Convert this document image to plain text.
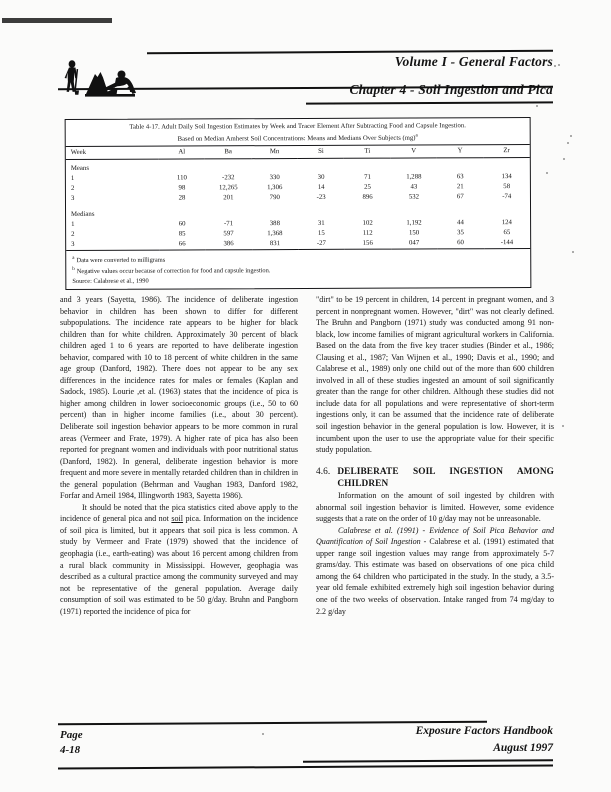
Volume I - General Factors
Chapter 4 - Soil Ingestion and Pica
Table 4-17. Adult Daily Soil Ingestion Estimates by Week and Tracer Element After Subtracting Food and Capsule Ingestion.
Based on Median Amherst Soil Concentrations: Means and Medians Over Subjects (mg)$^a$
Week	Al	Ba	Mn	Si	Ti	V	Y	Zr

Means								
1	110	-232	330	30	71	1,288	63	134
2	98	12,265	1,306	14	25	43	21	58
3	28	201	790	-23	896	532	67	-74

Medians								
1	60	-71	388	31	102	1,192	44	124
2	85	597	1,368	15	112	150	35	65
3	66	386	831	-27	156	047	60	-144
$^a$ Data were converted to milligrams
$^b$ Negative values occur because of correction for food and capsule ingestion.
Source: Calabrese et al., 1990

and 3 years (Sayetta, 1986). The incidence of deliberate ingestion behavior in children has been shown to differ for different subpopulations. The incidence rate appears to be higher for black children than for white children. Approximately 30 percent of black children aged 1 to 6 years are reported to have deliberate ingestion behavior, compared with 10 to 18 percent of white children in the same age group (Danford, 1982). There does not appear to be any sex differences in the incidence rates for males or females (Kaplan and Sadock, 1985). Lourie ,et al. (1963) states that the incidence of pica is higher among children in lower socioeconomic groups (i.e., 50 to 60 percent) than in higher income families (i.e., about 30 percent). Deliberate soil ingestion behavior appears to be more common in rural areas (Vermeer and Frate, 1979). A higher rate of pica has also been reported for pregnant women and individuals with poor nutritional status (Danford, 1982). In general, deliberate ingestion behavior is more frequent and more severe in mentally retarded children than in children in the general population (Behrman and Vaughan 1983, Danford 1982, Forfar and Arneil 1984, Illingworth 1983, Sayetta 1986).

It should be noted that the pica statistics cited above apply to the incidence of general pica and not soil pica. Information on the incidence of soil pica is limited, but it appears that soil pica is less common. A study by Vermeer and Frate (1979) showed that the incidence of geophagia (i.e., earth-eating) was about 16 percent among children from a rural black community in Mississippi. However, geophagia was described as a cultural practice among the community surveyed and may not be representative of the general population. Average daily consumption of soil was estimated to be 50 g/day. Bruhn and Pangborn (1971) reported the incidence of pica for

"dirt" to be 19 percent in children, 14 percent in pregnant women, and 3 percent in nonpregnant women. However, "dirt" was not clearly defined. The Bruhn and Pangborn (1971) study was conducted among 91 non-black, low income families of migrant agricultural workers in California. Based on the data from the five key tracer studies (Binder et al., 1986; Clausing et al., 1987; Van Wijnen et al., 1990; Davis et al., 1990; and Calabrese et al., 1989) only one child out of the more than 600 children involved in all of these studies ingested an amount of soil significantly greater than the range for other children. Although these studies did not include data for all populations and were representative of short-term ingestions only, it can be assumed that the incidence rate of deliberate soil ingestion behavior in the general population is low. However, it is incumbent upon the user to use the appropriate value for their specific study population.

4.6. DELIBERATE SOIL INGESTION AMONG CHILDREN

Information on the amount of soil ingested by children with abnormal soil ingestion behavior is limited. However, some evidence suggests that a rate on the order of 10 g/day may not be unreasonable.

Calabrese et al. (1991) - Evidence of Soil Pica Behavior and Quantification of Soil Ingestion - Calabrese et al. (1991) estimated that upper range soil ingestion values may range from approximately 5-7 grams/day. This estimate was based on observations of one pica child among the 64 children who participated in the study. In the study, a 3.5-year old female exhibited extremely high soil ingestion behavior during one of the two weeks of observation. Intake ranged from 74 mg/day to 2.2 g/day

Page
4-18
Exposure Factors Handbook
August 1997
